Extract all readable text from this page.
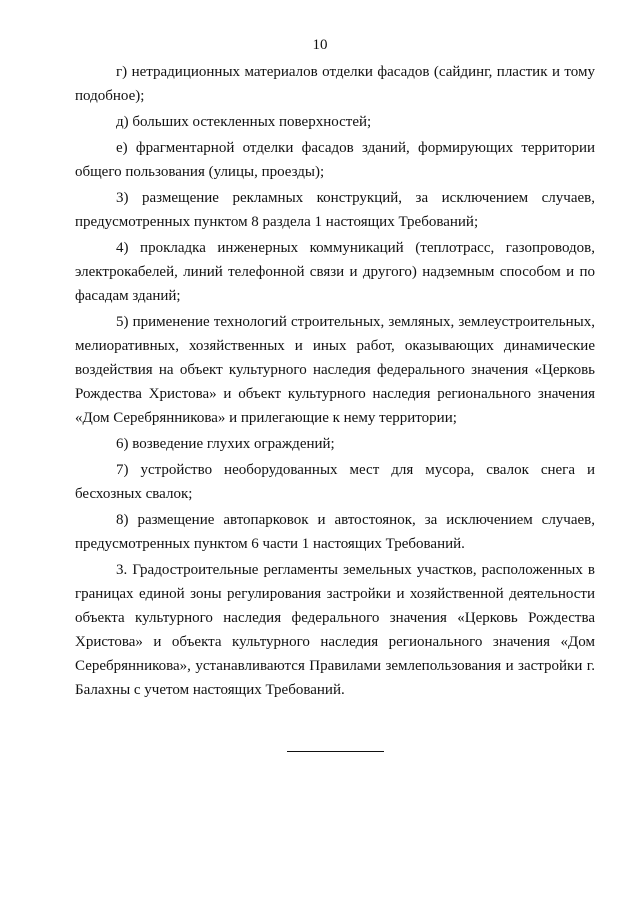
10

г) нетрадиционных материалов отделки фасадов (сайдинг, пластик и тому подобное);

д) больших остекленных поверхностей;

е) фрагментарной отделки фасадов зданий, формирующих территории общего пользования (улицы, проезды);

3) размещение рекламных конструкций, за исключением случаев, предусмотренных пунктом 8 раздела 1 настоящих Требований;

4) прокладка инженерных коммуникаций (теплотрасс, газопроводов, электрокабелей, линий телефонной связи и другого) надземным способом и по фасадам зданий;

5) применение технологий строительных, земляных, землеустроительных, мелиоративных, хозяйственных и иных работ, оказывающих динамические воздействия на объект культурного наследия федерального значения «Церковь Рождества Христова» и объект культурного наследия регионального значения «Дом Серебрянникова» и прилегающие к нему территории;

6) возведение глухих ограждений;

7) устройство необорудованных мест для мусора, свалок снега и бесхозных свалок;

8) размещение автопарковок и автостоянок, за исключением случаев, предусмотренных пунктом 6 части 1 настоящих Требований.

3. Градостроительные регламенты земельных участков, расположенных в границах единой зоны регулирования застройки и хозяйственной деятельности объекта культурного наследия федерального значения «Церковь Рождества Христова» и объекта культурного наследия регионального значения «Дом Серебрянникова», устанавливаются Правилами землепользования и застройки г. Балахны с учетом настоящих Требований.
